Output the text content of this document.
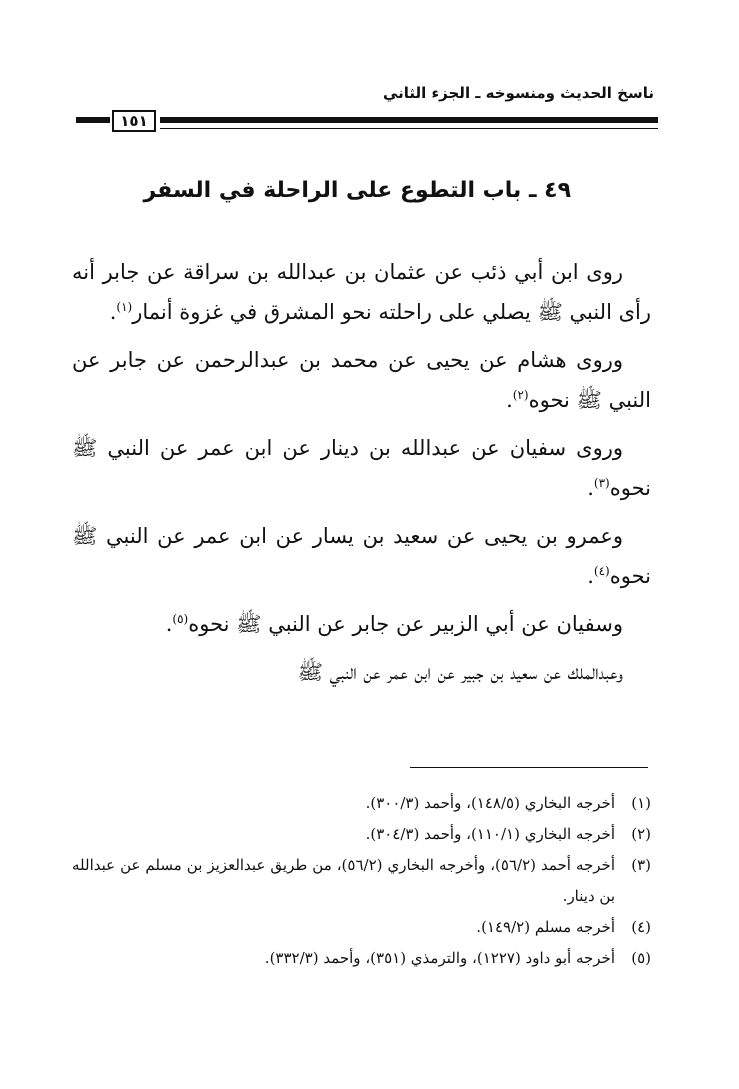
ناسخ الحديث ومنسوخه ـ الجزء الثاني
١٥١
٤٩ ـ باب التطوع على الراحلة في السفر

روى ابن أبي ذئب عن عثمان بن عبدالله بن سراقة عن جابر أنه رأى النبي ﷺ يصلي على راحلته نحو المشرق في غزوة أنمار$^{(١)}$.

وروى هشام عن يحيى عن محمد بن عبدالرحمن عن جابر عن النبي ﷺ نحوه$^{(٢)}$.

وروى سفيان عن عبدالله بن دينار عن ابن عمر عن النبي ﷺ نحوه$^{(٣)}$.

وعمرو بن يحيى عن سعيد بن يسار عن ابن عمر عن النبي ﷺ نحوه$^{(٤)}$.

وسفيان عن أبي الزبير عن جابر عن النبي ﷺ نحوه$^{(٥)}$.

وعبدالملك عن سعيد بن جبير عن ابن عمر عن النبي ﷺ

(١)
أخرجه البخاري (١٤٨/٥)، وأحمد (٣٠٠/٣).
(٢)
أخرجه البخاري (١١٠/١)، وأحمد (٣٠٤/٣).
(٣)
أخرجه أحمد (٥٦/٢)، وأخرجه البخاري (٥٦/٢)، من طريق عبدالعزيز بن مسلم عن عبدالله بن دينار.
(٤)
أخرجه مسلم (١٤٩/٢).
(٥)
أخرجه أبو داود (١٢٢٧)، والترمذي (٣٥١)، وأحمد (٣٣٢/٣).
